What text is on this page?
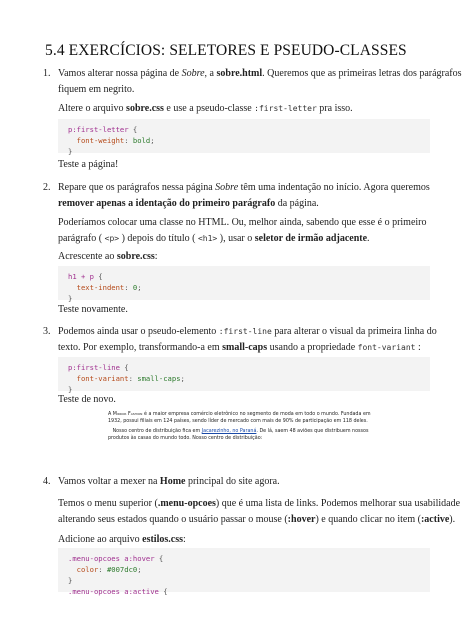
5.4 EXERCÍCIOS: SELETORES E PSEUDO-CLASSES
1. Vamos alterar nossa página de Sobre, a sobre.html. Queremos que as primeiras letras dos parágrafos
fiquem em negrito.
Altere o arquivo sobre.css e use a pseudo-classe :first-letter pra isso.
p:first-letter {
font-weight: bold;
}
Teste a página!
2. Repare que os parágrafos nessa página Sobre têm uma indentação no início. Agora queremos
remover apenas a identação do primeiro parágrafo da página.
Poderíamos colocar uma classe no HTML. Ou, melhor ainda, sabendo que esse é o primeiro
parágrafo ( <p> ) depois do título ( <h1> ), usar o seletor de irmão adjacente.
Acrescente ao sobre.css:
h1 + p {
text-indent: 0;
}
Teste novamente.
3. Podemos ainda usar o pseudo-elemento :first-line para alterar o visual da primeira linha do
texto. Por exemplo, transformando-a em small-caps usando a propriedade font-variant :
p:first-line {
font-variant: small-caps;
}
Teste de novo.
A Mirror Fashion é a maior empresa comércio eletrônico no segmento de moda em todo o mundo. Fundada em
1932, possui filiais em 124 países, sendo líder de mercado com mais de 90% de participação em 118 deles.

Nosso centro de distribuição fica em Jacarezinho, no Paraná. De lá, saem 48 aviões que distribuem nossos
produtos às casas do mundo todo. Nosso centro de distribuição:
4. Vamos voltar a mexer na Home principal do site agora.
Temos o menu superior (.menu-opcoes) que é uma lista de links. Podemos melhorar sua usabilidade
alterando seus estados quando o usuário passar o mouse (:hover) e quando clicar no item (:active).
Adicione ao arquivo estilos.css:
.menu-opcoes a:hover {
color: #007dc0;
}
.menu-opcoes a:active {
